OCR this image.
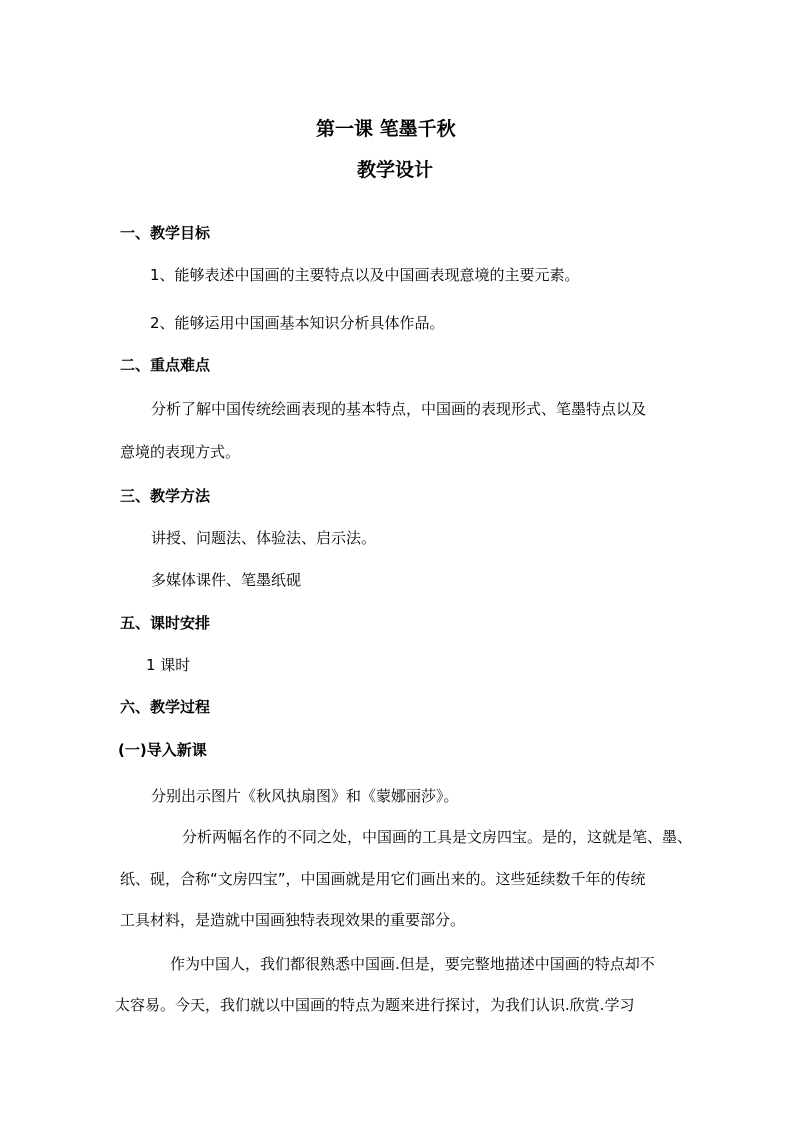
第一课 笔墨千秋
教学设计
一、教学目标
1、能够表述中国画的主要特点以及中国画表现意境的主要元素。
2、能够运用中国画基本知识分析具体作品。
二、重点难点
分析了解中国传统绘画表现的基本特点，中国画的表现形式、笔墨特点以及
意境的表现方式。
三、教学方法
讲授、问题法、体验法、启示法。
多媒体课件、笔墨纸砚
五、课时安排
1 课时
六、教学过程
(一)导入新课
分别出示图片《秋风执扇图》和《蒙娜丽莎》。
分析两幅名作的不同之处，中国画的工具是文房四宝。是的，这就是笔、墨、
纸、砚，合称“文房四宝”，中国画就是用它们画出来的。这些延续数千年的传统
工具材料，是造就中国画独特表现效果的重要部分。
作为中国人，我们都很熟悉中国画.但是，要完整地描述中国画的特点却不
太容易。今天，我们就以中国画的特点为题来进行探讨，为我们认识.欣赏.学习
